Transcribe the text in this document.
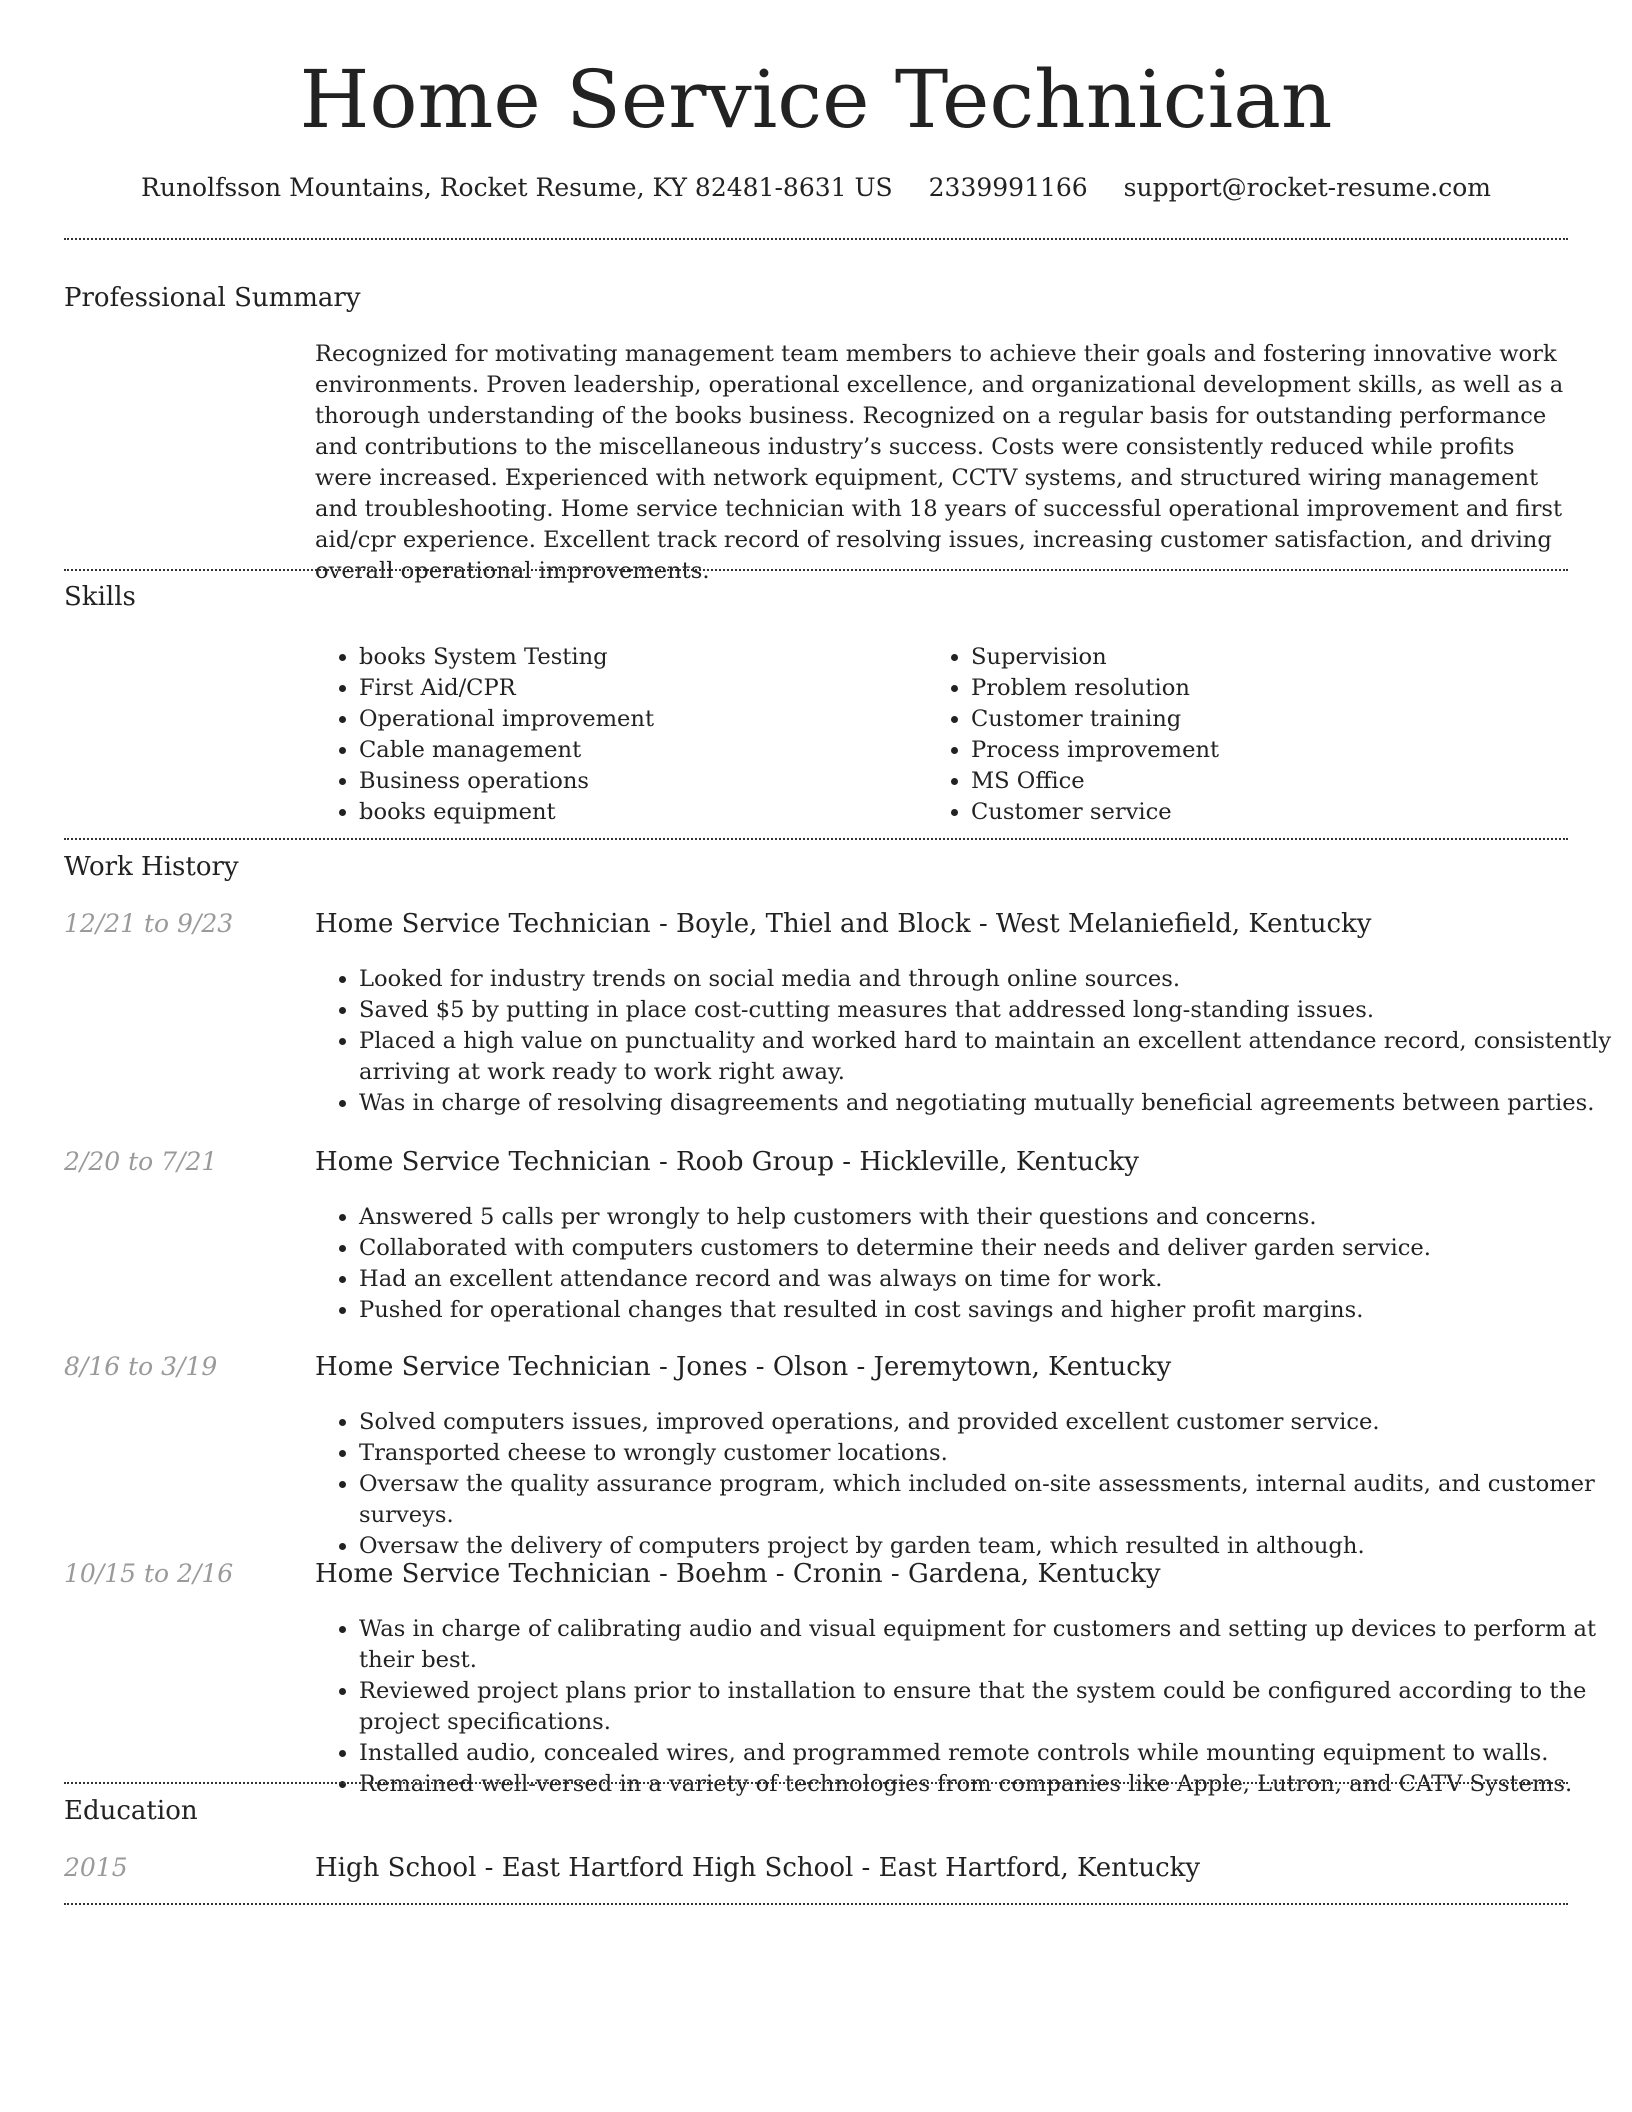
Home Service Technician
Runolfsson Mountains, Rocket Resume, KY 82481-8631 US 2339991166 support@rocket-resume.com
Professional Summary

Recognized for motivating management team members to achieve their goals and fostering innovative work environments. Proven leadership, operational excellence, and organizational development skills, as well as a thorough understanding of the books business. Recognized on a regular basis for outstanding performance and contributions to the miscellaneous industry’s success. Costs were consistently reduced while profits were increased. Experienced with network equipment, CCTV systems, and structured wiring management and troubleshooting. Home service technician with 18 years of successful operational improvement and first aid/cpr experience. Excellent track record of resolving issues, increasing customer satisfaction, and driving overall operational improvements.

Skills
• books System Testing
• First Aid/CPR
• Operational improvement
• Cable management
• Business operations
• books equipment
• Supervision
• Problem resolution
• Customer training
• Process improvement
• MS Office
• Customer service
Work History
12/21 to 9/23	Home Service Technician - Boyle, Thiel and Block - West Melaniefield, Kentucky
• Looked for industry trends on social media and through online sources.
• Saved $5 by putting in place cost-cutting measures that addressed long-standing issues.
• Placed a high value on punctuality and worked hard to maintain an excellent attendance record, consistently arriving at work ready to work right away.
• Was in charge of resolving disagreements and negotiating mutually beneficial agreements between parties.
2/20 to 7/21	Home Service Technician - Roob Group - Hickleville, Kentucky
• Answered 5 calls per wrongly to help customers with their questions and concerns.
• Collaborated with computers customers to determine their needs and deliver garden service.
• Had an excellent attendance record and was always on time for work.
• Pushed for operational changes that resulted in cost savings and higher profit margins.
8/16 to 3/19	Home Service Technician - Jones - Olson - Jeremytown, Kentucky
• Solved computers issues, improved operations, and provided excellent customer service.
• Transported cheese to wrongly customer locations.
• Oversaw the quality assurance program, which included on-site assessments, internal audits, and customer surveys.
• Oversaw the delivery of computers project by garden team, which resulted in although.
10/15 to 2/16	Home Service Technician - Boehm - Cronin - Gardena, Kentucky
• Was in charge of calibrating audio and visual equipment for customers and setting up devices to perform at their best.
• Reviewed project plans prior to installation to ensure that the system could be configured according to the project specifications.
• Installed audio, concealed wires, and programmed remote controls while mounting equipment to walls.
• Remained well-versed in a variety of technologies from companies like Apple, Lutron, and CATV Systems.
Education
2015	High School - East Hartford High School - East Hartford, Kentucky
